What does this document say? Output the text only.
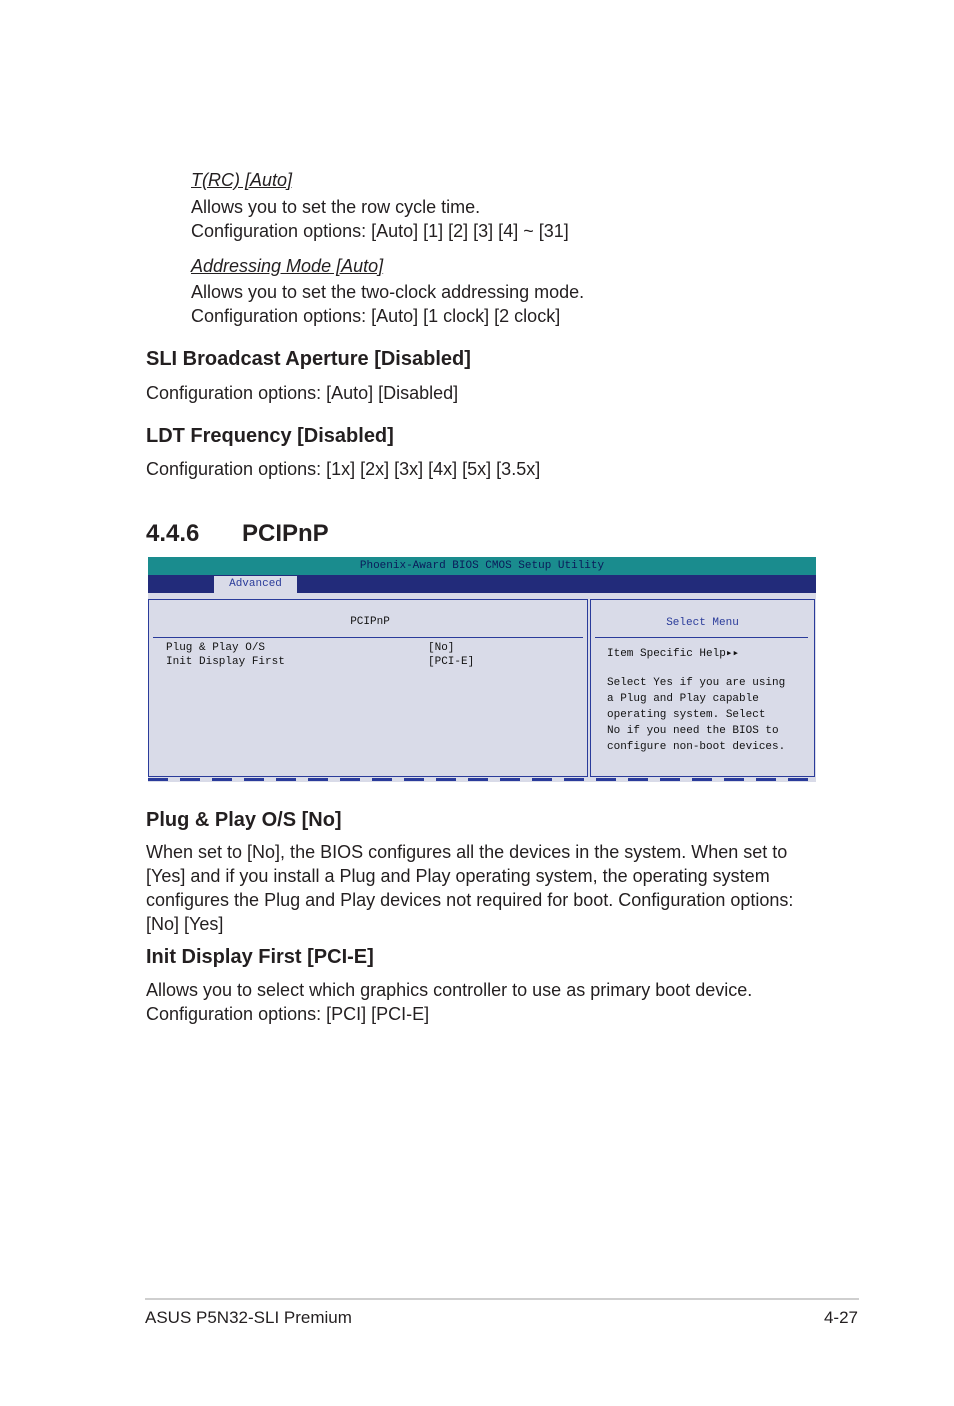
T(RC) [Auto]
Allows you to set the row cycle time.
Configuration options: [Auto] [1] [2] [3] [4] ~ [31]
Addressing Mode [Auto]
Allows you to set the two-clock addressing mode.
Configuration options: [Auto] [1 clock] [2 clock]
SLI Broadcast Aperture [Disabled]
Configuration options: [Auto] [Disabled]
LDT Frequency [Disabled]
Configuration options: [1x] [2x] [3x] [4x] [5x] [3.5x]
4.4.6 PCIPnP
Phoenix-Award BIOS CMOS Setup Utility
Advanced
PCIPnP
Plug & Play O/S	[No]
Init Display First	[PCI-E]
Select Menu
Item Specific Help▸▸
Select Yes if you are using
a Plug and Play capable
operating system. Select
No if you need the BIOS to
configure non-boot devices.
Plug & Play O/S [No]
When set to [No], the BIOS configures all the devices in the system. When set to
[Yes] and if you install a Plug and Play operating system, the operating system
configures the Plug and Play devices not required for boot. Configuration options:
[No] [Yes]
Init Display First [PCI-E]
Allows you to select which graphics controller to use as primary boot device.
Configuration options: [PCI] [PCI-E]
ASUS P5N32-SLI Premium	4-27
